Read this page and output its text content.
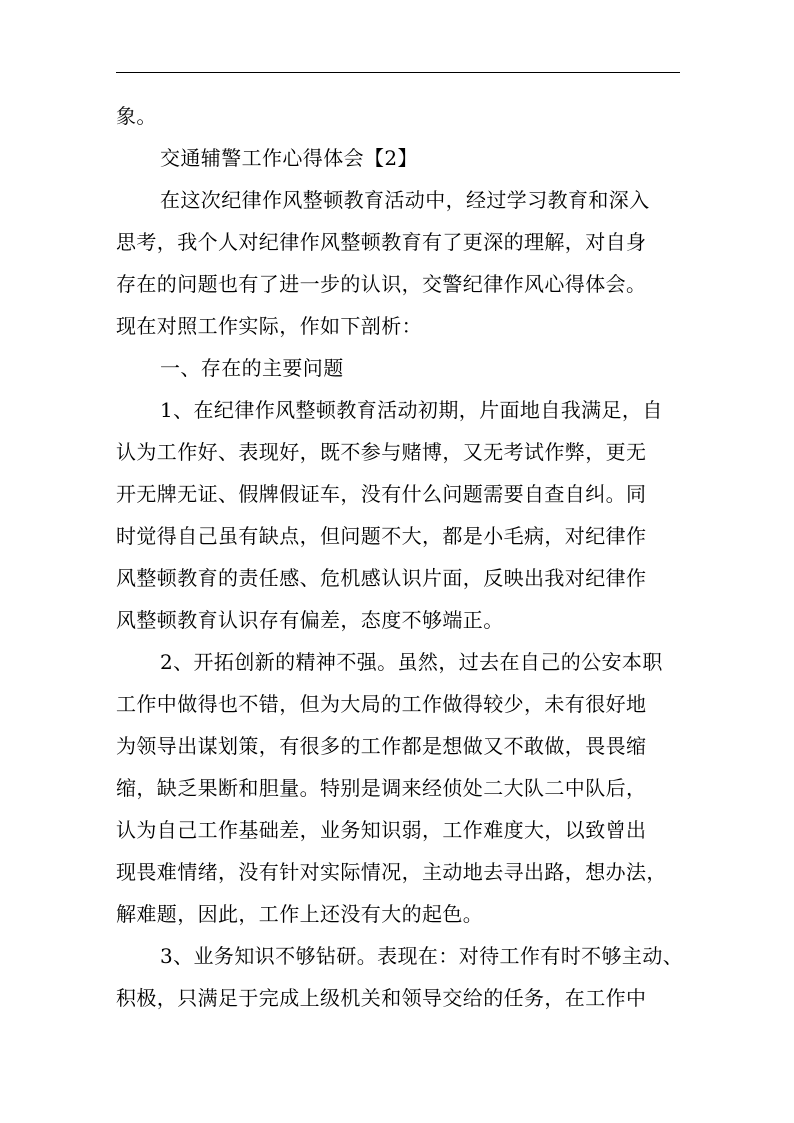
象。
交通辅警工作心得体会【2】
在这次纪律作风整顿教育活动中，经过学习教育和深入
思考，我个人对纪律作风整顿教育有了更深的理解，对自身
存在的问题也有了进一步的认识，交警纪律作风心得体会。
现在对照工作实际，作如下剖析：
一、存在的主要问题
1、在纪律作风整顿教育活动初期，片面地自我满足，自
认为工作好、表现好，既不参与赌博，又无考试作弊，更无
开无牌无证、假牌假证车，没有什么问题需要自查自纠。同
时觉得自己虽有缺点，但问题不大，都是小毛病，对纪律作
风整顿教育的责任感、危机感认识片面，反映出我对纪律作
风整顿教育认识存有偏差，态度不够端正。
2、开拓创新的精神不强。虽然，过去在自己的公安本职
工作中做得也不错，但为大局的工作做得较少，未有很好地
为领导出谋划策，有很多的工作都是想做又不敢做，畏畏缩
缩，缺乏果断和胆量。特别是调来经侦处二大队二中队后，
认为自己工作基础差，业务知识弱，工作难度大，以致曾出
现畏难情绪，没有针对实际情况，主动地去寻出路，想办法，
解难题，因此，工作上还没有大的起色。
3、业务知识不够钻研。表现在：对待工作有时不够主动、
积极，只满足于完成上级机关和领导交给的任务，在工作中
